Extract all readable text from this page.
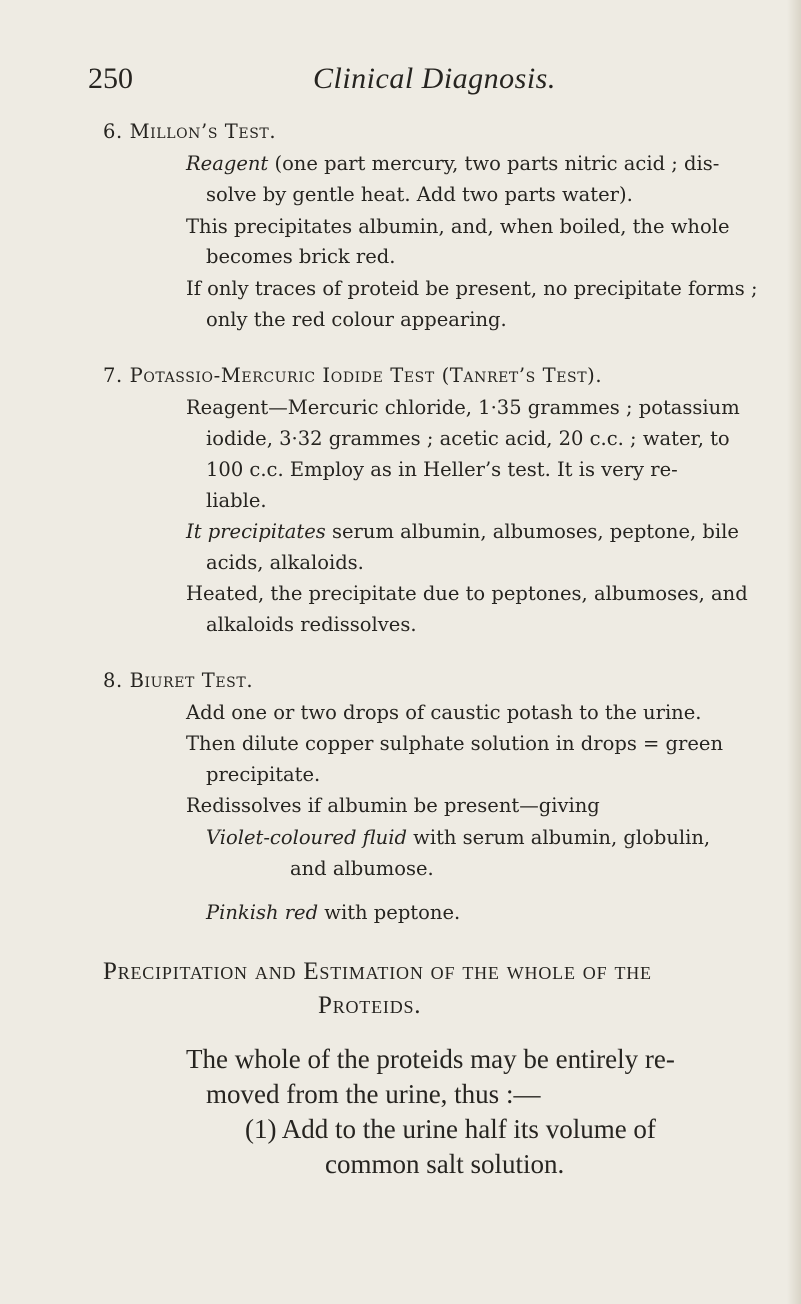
250	Clinical Diagnosis.
6. Millon’s Test.
Reagent (one part mercury, two parts nitric acid ; dis-
solve by gentle heat. Add two parts water).
This precipitates albumin, and, when boiled, the whole
becomes brick red.
If only traces of proteid be present, no precipitate forms ;
only the red colour appearing.
7. Potassio-Mercuric Iodide Test (Tanret’s Test).
Reagent—Mercuric chloride, 1·35 grammes ; potassium
iodide, 3·32 grammes ; acetic acid, 20 c.c. ; water, to
100 c.c. Employ as in Heller’s test. It is very re-
liable.
It precipitates serum albumin, albumoses, peptone, bile
acids, alkaloids.
Heated, the precipitate due to peptones, albumoses, and
alkaloids redissolves.
8. Biuret Test.
Add one or two drops of caustic potash to the urine.
Then dilute copper sulphate solution in drops = green
precipitate.
Redissolves if albumin be present—giving
Violet-coloured fluid with serum albumin, globulin,
and albumose.
Pinkish red with peptone.
Precipitation and Estimation of the whole of the
Proteids.
The whole of the proteids may be entirely re-
moved from the urine, thus :—
(1) Add to the urine half its volume of
common salt solution.
